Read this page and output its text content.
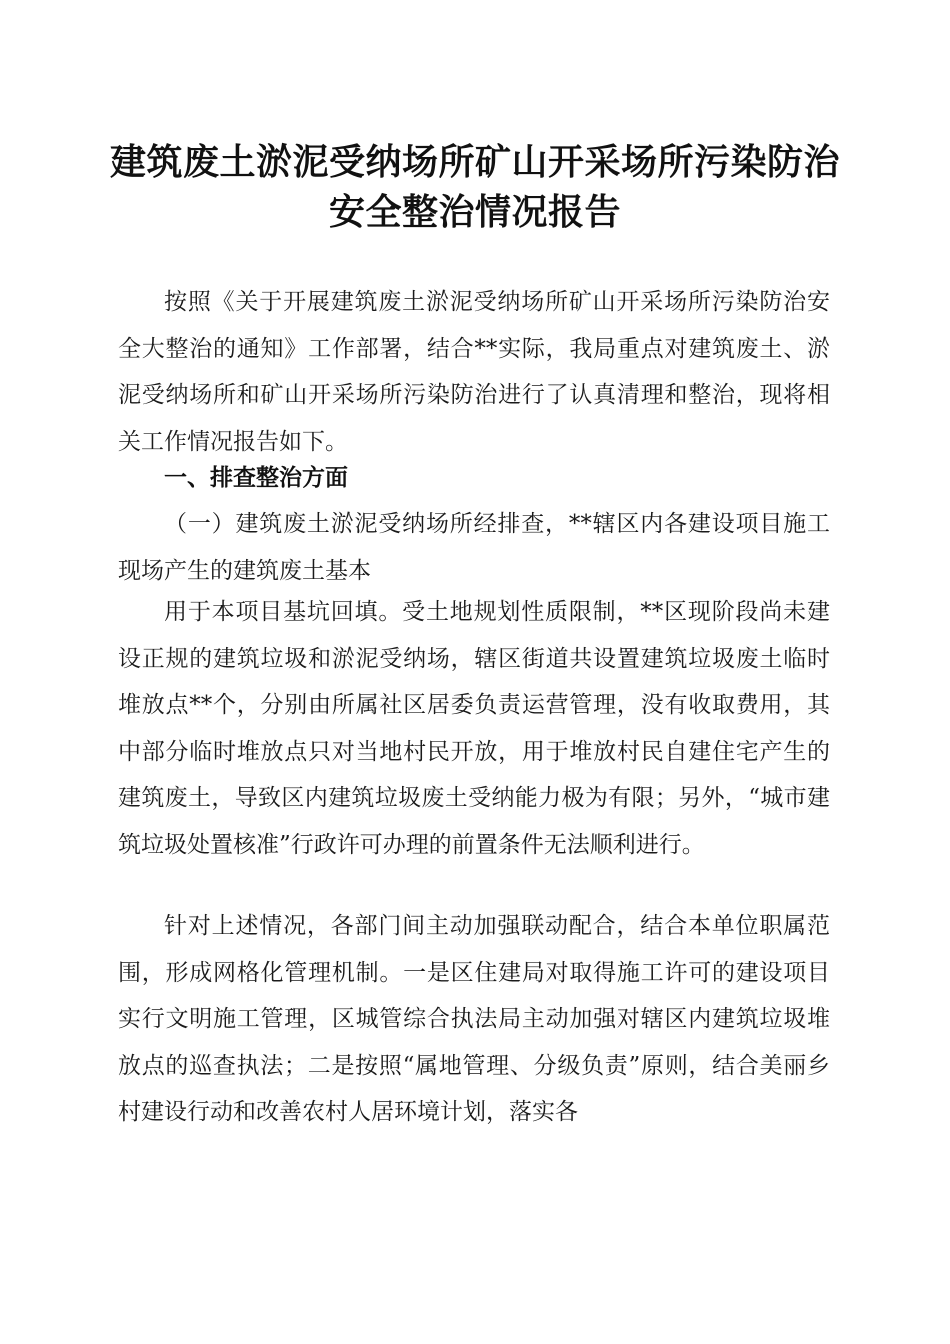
建筑废土淤泥受纳场所矿山开采场所污染防治
安全整治情况报告
按照《关于开展建筑废土淤泥受纳场所矿山开采场所污染防治安全大整治的通知》工作部署，结合**实际，我局重点对建筑废土、淤泥受纳场所和矿山开采场所污染防治进行了认真清理和整治，现将相关工作情况报告如下。
一、排查整治方面
（一）建筑废土淤泥受纳场所经排查，**辖区内各建设项目施工现场产生的建筑废土基本
用于本项目基坑回填。受土地规划性质限制，**区现阶段尚未建设正规的建筑垃圾和淤泥受纳场，辖区街道共设置建筑垃圾废土临时堆放点**个，分别由所属社区居委负责运营管理，没有收取费用，其中部分临时堆放点只对当地村民开放，用于堆放村民自建住宅产生的建筑废土，导致区内建筑垃圾废土受纳能力极为有限；另外，“城市建筑垃圾处置核准”行政许可办理的前置条件无法顺利进行。
针对上述情况，各部门间主动加强联动配合，结合本单位职属范围，形成网格化管理机制。一是区住建局对取得施工许可的建设项目实行文明施工管理，区城管综合执法局主动加强对辖区内建筑垃圾堆放点的巡查执法；二是按照“属地管理、分级负责”原则，结合美丽乡村建设行动和改善农村人居环境计划，落实各
